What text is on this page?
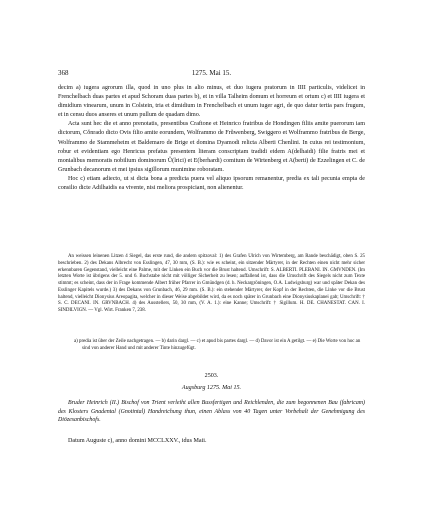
368	1275. Mai 15.

decim a) iugera agrorum illa, quod in uno plus in alio minus, et duo iugera pratorum in IIII particulis, videlicet in Frenchelbach duas partes et apud Schoram duas partes b), et in villa Talheim domum et horreum et ortum c) et IIII iugera et dimidium vinearum, unum in Colstein, tria et dimidium in Frenchelbach et unum iuger agri, de quo datur tertia pars frugum, et in censu duos anseres et unum pullum de quadam dimo.

Acta sunt hec die et anno prenotatis, presentibus Craftone et Heinrico fratribus de Hondingen filiis amite puerorum iam dictorum, Cŏnrado dicto Ovis filio amite eorundem, Wolframmo de Frŭwenberg, Swiggero et Wolframmo fratribus de Berge, Wolframmo de Stammeheim et Baldemaro de Brige et domina Dyamodi relicta Alberti Chenlini. In cuius rei testimonium, robur et evidentiam ego Henricus prefatus presentem literam conscriptam tradidi eidem A(delhaidi) filie fratris mei et monialibus memoratis nobilium dominorum Ŭ(lrici) et E(berhardi) comitum de Wirtenberg et A(berti) de Ezzelingen et C. de Grunbach decanorum et mei ipsius sigillorum munimine roboratam.

Hoc c) etiam adiecto, ut si dicta bona a predicta puera vel aliquo ipsorum remanentur, predia ex tali pecunia empta de consilio dicte Adilhaidis ea vivente, nisi meliora prospiciant, non alienentur.

An weissen leinenen Litzen 4 Siegel, das erste rund, die andern spitzoval: 1) des Grafen Ulrich von Wirtemberg, am Rande beschädigt, oben S. 25 beschrieben. 2) des Dekans Albrecht von Esslingen, 47, 30 mm, (S. B.): wie es scheint, ein sitzender Märtyrer, in der Rechten einen nicht mehr sicher erkennbaren Gegenstand, vielleicht eine Palme, mit der Linken ein Buch vor die Brust haltend. Umschrift: S. ALBERTI. PLEBANI. IN. GMVNDEN. (Im letzten Worte ist übrigens der 5. und 6. Buchstabe nicht mit völliger Sicherheit zu lesen; auffallend ist, dass die Umschrift des Siegels nicht zum Texte stimmt; es scheint, dass der in Frage kommende Albert früher Pfarrer in Gmündgen (d. h. Neckargröningen, O.A. Ludwigsburg) war und später Dekan des Esslinger Kapitels wurde.) 3) des Dekans von Grunbach, 46, 29 mm. (S. B.): ein stehender Märtyrer, der Kopf in der Rechten, die Linke vor die Brust haltend, vielleicht Dionysius Areopagita, welcher in dieser Weise abgebildet wird, da es noch später in Grunbach eine Dionysiuskaplanei gab; Umschrift: † S. C. DECANI. IN. GRVNBACH. 4) des Ausstellers, 50, 30 mm, (V. A. 1.): eine Kanne; Umschrift: † Sigillum. H. DE. CHANESTAT. CAN. I. SINDILVIGN. — Vgl. Wirt. Franken 7, 238.

a) predia ist über der Zeile nachgetragen. — b) darin dargl. — c) et apud bis partes dargl. — d) Davor ist ein A getilgt. — e) Die Worte von hoc an sind von anderer Hand und mit anderer Tinte hinzugefügt.

2503.
Augsburg 1275. Mai 15.

Bruder Heinrich (II.) Bischof von Trient verleiht allen Bussfertigen und Reichlenden, die zum begonnenen Bau (fabricam) des Klosters Gnadental (Gnotintal) Handreichung thun, einen Ablass von 40 Tagen unter Vorbehalt der Genehmigung des Diözesanbischofs.

Datum Auguste c), anno domini MCCLXXV., idus Maii.
